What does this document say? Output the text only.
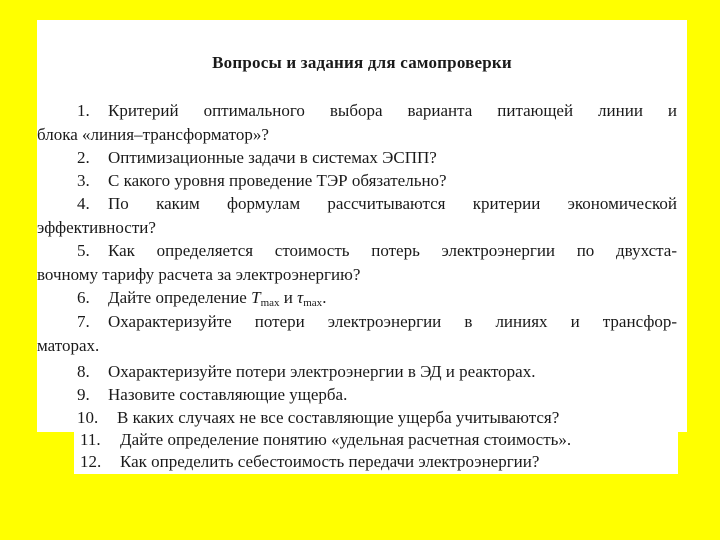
Вопросы и задания для самопроверки
1. Критерий оптимального выбора варианта питающей линии и
блока «линия–трансформатор»?
2. Оптимизационные задачи в системах ЭСПП?
3. С какого уровня проведение ТЭР обязательно?
4. По каким формулам рассчитываются критерии экономической
эффективности?
5. Как определяется стоимость потерь электроэнергии по двухста-
вочному тарифу расчета за электроэнергию?
6. Дайте определение $T_{max}$ и $\tau_{max}$.
7. Охарактеризуйте потери электроэнергии в линиях и трансфор-
маторах.
8. Охарактеризуйте потери электроэнергии в ЭД и реакторах.
9. Назовите составляющие ущерба.
10. В каких случаях не все составляющие ущерба учитываются?
11. Дайте определение понятию «удельная расчетная стоимость».
12. Как определить себестоимость передачи электроэнергии?
